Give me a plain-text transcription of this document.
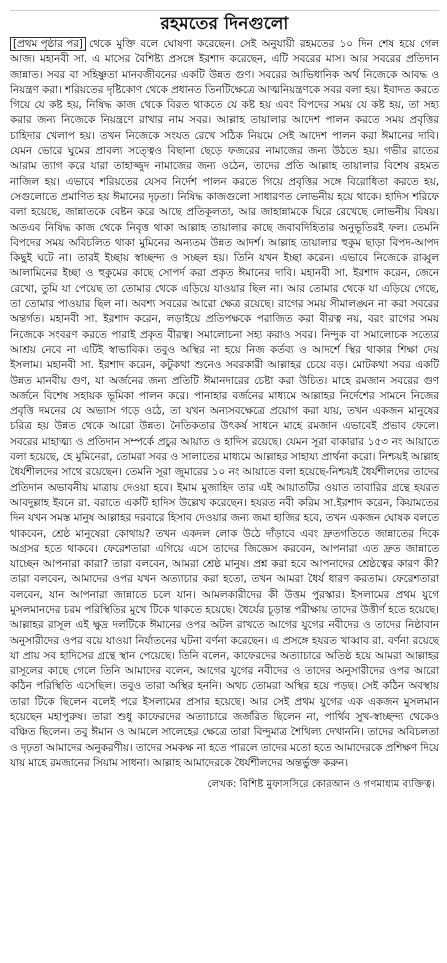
রহমতের দিনগুলো

[প্রথম পৃষ্ঠার পর] থেকে মুক্তি বলে ঘোষণা করেছেন। সেই অনুযায়ী রহমতের ১০ দিন শেষ হয়ে গেল আজ। মহানবী সা. এ মাসের বৈশিষ্ট্য প্রসঙ্গে ইরশাদ করেছেন, এটি সবরের মাস। আর সবরের প্রতিদান জান্নাত। সবর বা সহিষ্ণুতা মানবজীবনের একটি উন্নত গুণ। সবরের আভিধানিক অর্থ নিজেকে আবদ্ধ ও নিয়ন্ত্রণ করা। শরিয়তের দৃষ্টিকোণ থেকে প্রধানত তিনটিক্ষেত্রে আত্মনিয়ন্ত্রণকে সবর বলা হয়। ইবাদত করতে গিয়ে যে কষ্ট হয়, নিষিদ্ধ কাজ থেকে বিরত থাকতে যে কষ্ট হয় এবং বিপদের সময় যে কষ্ট হয়, তা সহ্য করার জন্য নিজেকে নিয়ন্ত্রণে রাখার নাম সবর। আল্লাহ তায়ালার আদেশ পালন করতে সময় প্রবৃত্তির চাহিদার খেলাপ হয়। তখন নিজেকে সংযত রেখে সঠিক নিয়মে সেই আদেশ পালন করা ঈমানের দাবি। যেমন ভোরে ঘুমের প্রাবল্য সত্ত্বেও বিছানা ছেড়ে ফজরের নামাজের জন্য উঠতে হয়। গভীর রাতের আরাম ত্যাগ করে যারা তাহাজ্জুদ নামাজের জন্য ওঠেন, তাদের প্রতি আল্লাহ তায়ালার বিশেষ রহমত নাজিল হয়। এভাবে শরিয়তের যেসব নির্দেশ পালন করতে গিয়ে প্রবৃত্তির সঙ্গে বিরোধিতা করতে হয়, সেগুলোতে প্রমাণিত হয় ঈমানের দৃঢ়তা। নিষিদ্ধ কাজগুলো সাধারণত লোভনীয় হয়ে থাকে। হাদিস শরিফে বলা হয়েছে, জান্নাতকে বেষ্টন করে আছে প্রতিকূলতা, আর জাহান্নামকে ঘিরে রেখেছে লোভনীয় বিষয়। অতএব নিষিদ্ধ কাজ থেকে নিবৃত্ত থাকা আল্লাহ তায়ালার কাছে জবাবদিহিতার অনুভূতিরই ফল। তেমনি বিপদের সময় অবিচলিত থাকা মুমিনের অন্যতম উন্নত আদর্শ। আল্লাহ তায়ালার হুকুম ছাড়া বিপদ-আপদ কিছুই ঘটে না। তারই ইচ্ছায় স্বাচ্ছন্দ্য ও সচ্ছল হয়। তিনি যখন ইচ্ছা করেন। এভাবে নিজেকে রাব্বুল আলামিনের ইচ্ছা ও হুকুমের কাছে সোপর্দ করা প্রকৃত ঈমানের দাবি। মহানবী সা. ইরশাদ করেন, জেনে রেখো, তুমি যা পেয়েছ তা তোমার থেকে এড়িয়ে যাওয়ার ছিল না। আর তোমার থেকে যা এড়িয়ে গেছে, তা তোমার পাওয়ার ছিল না। অবশ্য সবরের আরো ক্ষেত্র রয়েছে। রাগের সময় সীমালঙ্ঘন না করা সবরের অন্তর্গত। মহানবী সা. ইরশাদ করেন, লড়াইয়ে প্রতিপক্ষকে পরাজিত করা বীরত্ব নয়, বরং রাগের সময় নিজেকে সংবরণ করতে পারাই প্রকৃত বীরত্ব। সমালোচনা সহ্য করাও সবর। নিন্দুক বা সমালোচক সত্যের আশ্রয় নেবে না এটিই স্বাভাবিক। তবুও অস্থির না হয়ে নিজ কর্তব্য ও আদর্শে স্থির থাকার শিক্ষা দেয় ইসলাম। মহানবী সা. ইরশাদ করেন, কটুকথা শুনেও সবরকারী আল্লাহর চেয়ে বড়। মোটকথা সবর একটি উন্নত মানবীয় গুণ, যা অর্জনের জন্য প্রতিটি ঈমানদারের চেষ্টা করা উচিত। মাহে রমজান সবরের গুণ অর্জনে বিশেষ সহায়ক ভূমিকা পালন করে। পানাহার বর্জনের মাধ্যমে আল্লাহর নির্দেশের সামনে নিজের প্রবৃত্তি দমনের যে অভ্যাস গড়ে ওঠে, তা যখন অন্যসবক্ষেত্রে প্রয়োগ করা যায়, তখন একজন মানুষের চরিত্র হয় উন্নত থেকে আরো উন্নত। নৈতিকতার উৎকর্ষ সাধনে মাহে রমজান এভাবেই প্রভাব ফেলে। সবরের মাহাত্ম্য ও প্রতিদান সম্পর্কে প্রচুর আয়াত ও হাদিস রয়েছে। যেমন সূরা বাকারার ১৫৩ নং আয়াতে বলা হয়েছে, হে মুমিনেরা, তোমরা সবর ও সালাতের মাধ্যমে আল্লাহর সাহায্য প্রার্থনা করো। নিশ্চয়ই আল্লাহ ধৈর্যশীলদের সাথে রয়েছেন। তেমনি সূরা জুমারের ১০ নং আয়াতে বলা হয়েছে-নিশ্চয়ই ধৈর্যশীলদের তাদের প্রতিদান অভাবনীয় মাত্রায় দেওয়া হবে। ইমাম মুজাহিদ তার এই আয়াতটির ওয়াত তাবারির গ্রন্থে হযরত আবদুল্লাহ ইবনে রা. বরাতে একটি হাদিস উল্লেখ করেছেন। হযরত নবী করিম সা.ইরশাদ করেন, কিয়ামতের দিন যখন সমস্ত মানুষ আল্লাহর দরবারে হিসাব দেওয়ার জন্য জমা হাজির হবে, তখন একজন ঘোষক বলতে থাকবেন, শ্রেষ্ঠ মানুষেরা কোথায়? তখন একদল লোক উঠে দাঁড়াবে এবং দ্রুতগতিতে জান্নাতের দিকে অগ্রসর হতে থাকবে। ফেরেশতারা এগিয়ে এসে তাদের জিজ্ঞেস করবেন, আপনারা এত দ্রুত জান্নাতে যাচ্ছেন আপনারা কারা? তারা বলবেন, আমরা শ্রেষ্ঠ মানুষ। প্রশ্ন করা হবে আপনাদের শ্রেষ্ঠত্বের কারণ কী? তারা বলবেন, আমাদের ওপর যখন অত্যাচার করা হতো, তখন আমরা ধৈর্য ধারণ করতাম। ফেরেশতারা বলবেন, যান আপনারা জান্নাতে চলে যান। আমলকারীদের কী উত্তম পুরস্কার। ইসলামের প্রথম যুগে মুসলমানদের চরম পরিস্থিতির মুখে টিকে থাকতে হয়েছে। ধৈর্যের চূড়ান্ত পরীক্ষায় তাদের উত্তীর্ণ হতে হয়েছে। আল্লাহর রাসূল এই ক্ষুদ্র দলটিকে ঈমানের ওপর অটল রাখতে আগের যুগের নবীদের ও তাদের নিষ্ঠাবান অনুসারীদের ওপর বয়ে যাওয়া নির্যাতনের ঘটনা বর্ণনা করেছেন। এ প্রসঙ্গে হযরত খাব্বাব রা. বর্ণনা রয়েছে যা প্রায় সব হাদিসের গ্রন্থে স্থান পেয়েছে। তিনি বলেন, কাফেরদের অত্যাচারে অতিষ্ঠ হয়ে আমরা আল্লাহর রাসূলের কাছে গেলে তিনি আমাদের বলেন, আগের যুগের নবীদের ও তাদের অনুসারীদের ওপর আরো কঠিন পরিস্থিতি এসেছিল। তবুও তারা অস্থির হননি। অথচ তোমরা অস্থির হয়ে পড়ছ। সেই কঠিন অবস্থায় তারা টিকে ছিলেন বলেই পরে ইসলামের প্রসার হয়েছে। আর সেই প্রথম যুগের এক একজন মুসলমান হয়েছেন মহাপুরুষ। তারা শুধু কাফেরদের অত্যাচারে জর্জরিত ছিলেন না, পার্থিব সুখ-স্বাচ্ছন্দ্য থেকেও বঞ্চিত ছিলেন। তবু ঈমান ও আমলে সালেহের ক্ষেত্রে তারা বিন্দুমাত্র শৈথিল্য দেখাননি। তাদের অবিচলতা ও দৃঢ়তা আমাদের অনুকরণীয়। তাদের সমকক্ষ না হতে পারলে তাদের মতো হতে আমাদেরকে প্রশিক্ষণ দিয়ে যায় মাহে রমজানের সিয়াম সাধনা। আল্লাহ আমাদেরকে ধৈর্যশীলদের অন্তর্ভুক্ত করুন।

লেখক: বিশিষ্ট মুফাসসিরে কোরআন ও গণমাধ্যম ব্যক্তিত্ব।
